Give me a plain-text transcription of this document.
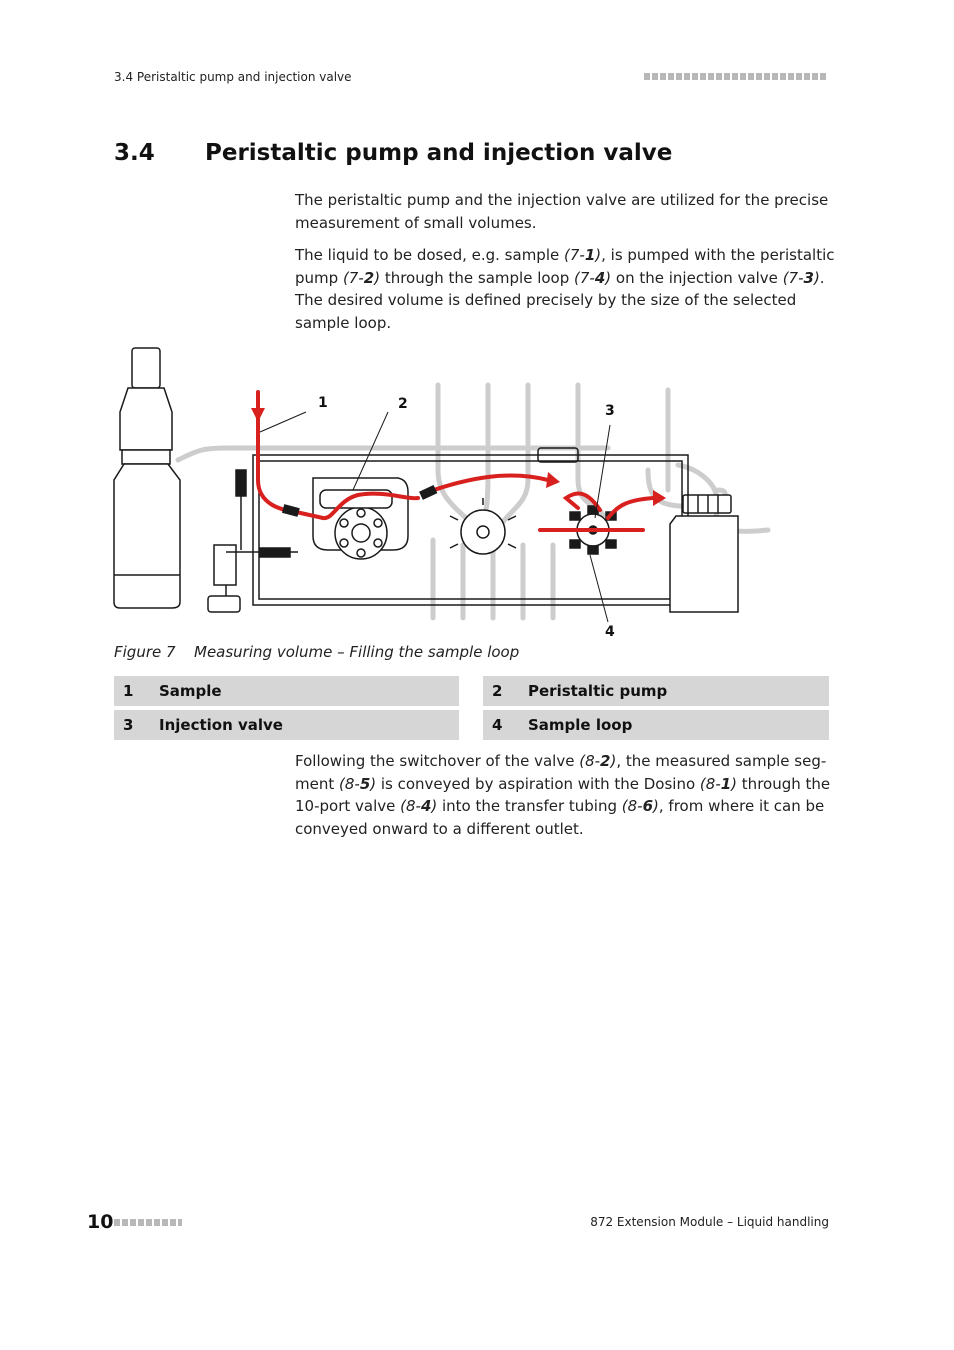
3.4 Peristaltic pump and injection valve
3.4 Peristaltic pump and injection valve

The peristaltic pump and the injection valve are utilized for the precise measurement of small volumes.

The liquid to be dosed, e.g. sample (7-1), is pumped with the peristaltic pump (7-2) through the sample loop (7-4) on the injection valve (7-3). The desired volume is defined precisely by the size of the selected sample loop.

1	2	3
4
Figure 7 Measuring volume – Filling the sample loop
1 Sample	2 Peristaltic pump
3 Injection valve	4 Sample loop

Following the switchover of the valve (8-2), the measured sample seg-ment (8-5) is conveyed by aspiration with the Dosino (8-1) through the 10-port valve (8-4) into the transfer tubing (8-6), from where it can be conveyed onward to a different outlet.

10	872 Extension Module – Liquid handling
